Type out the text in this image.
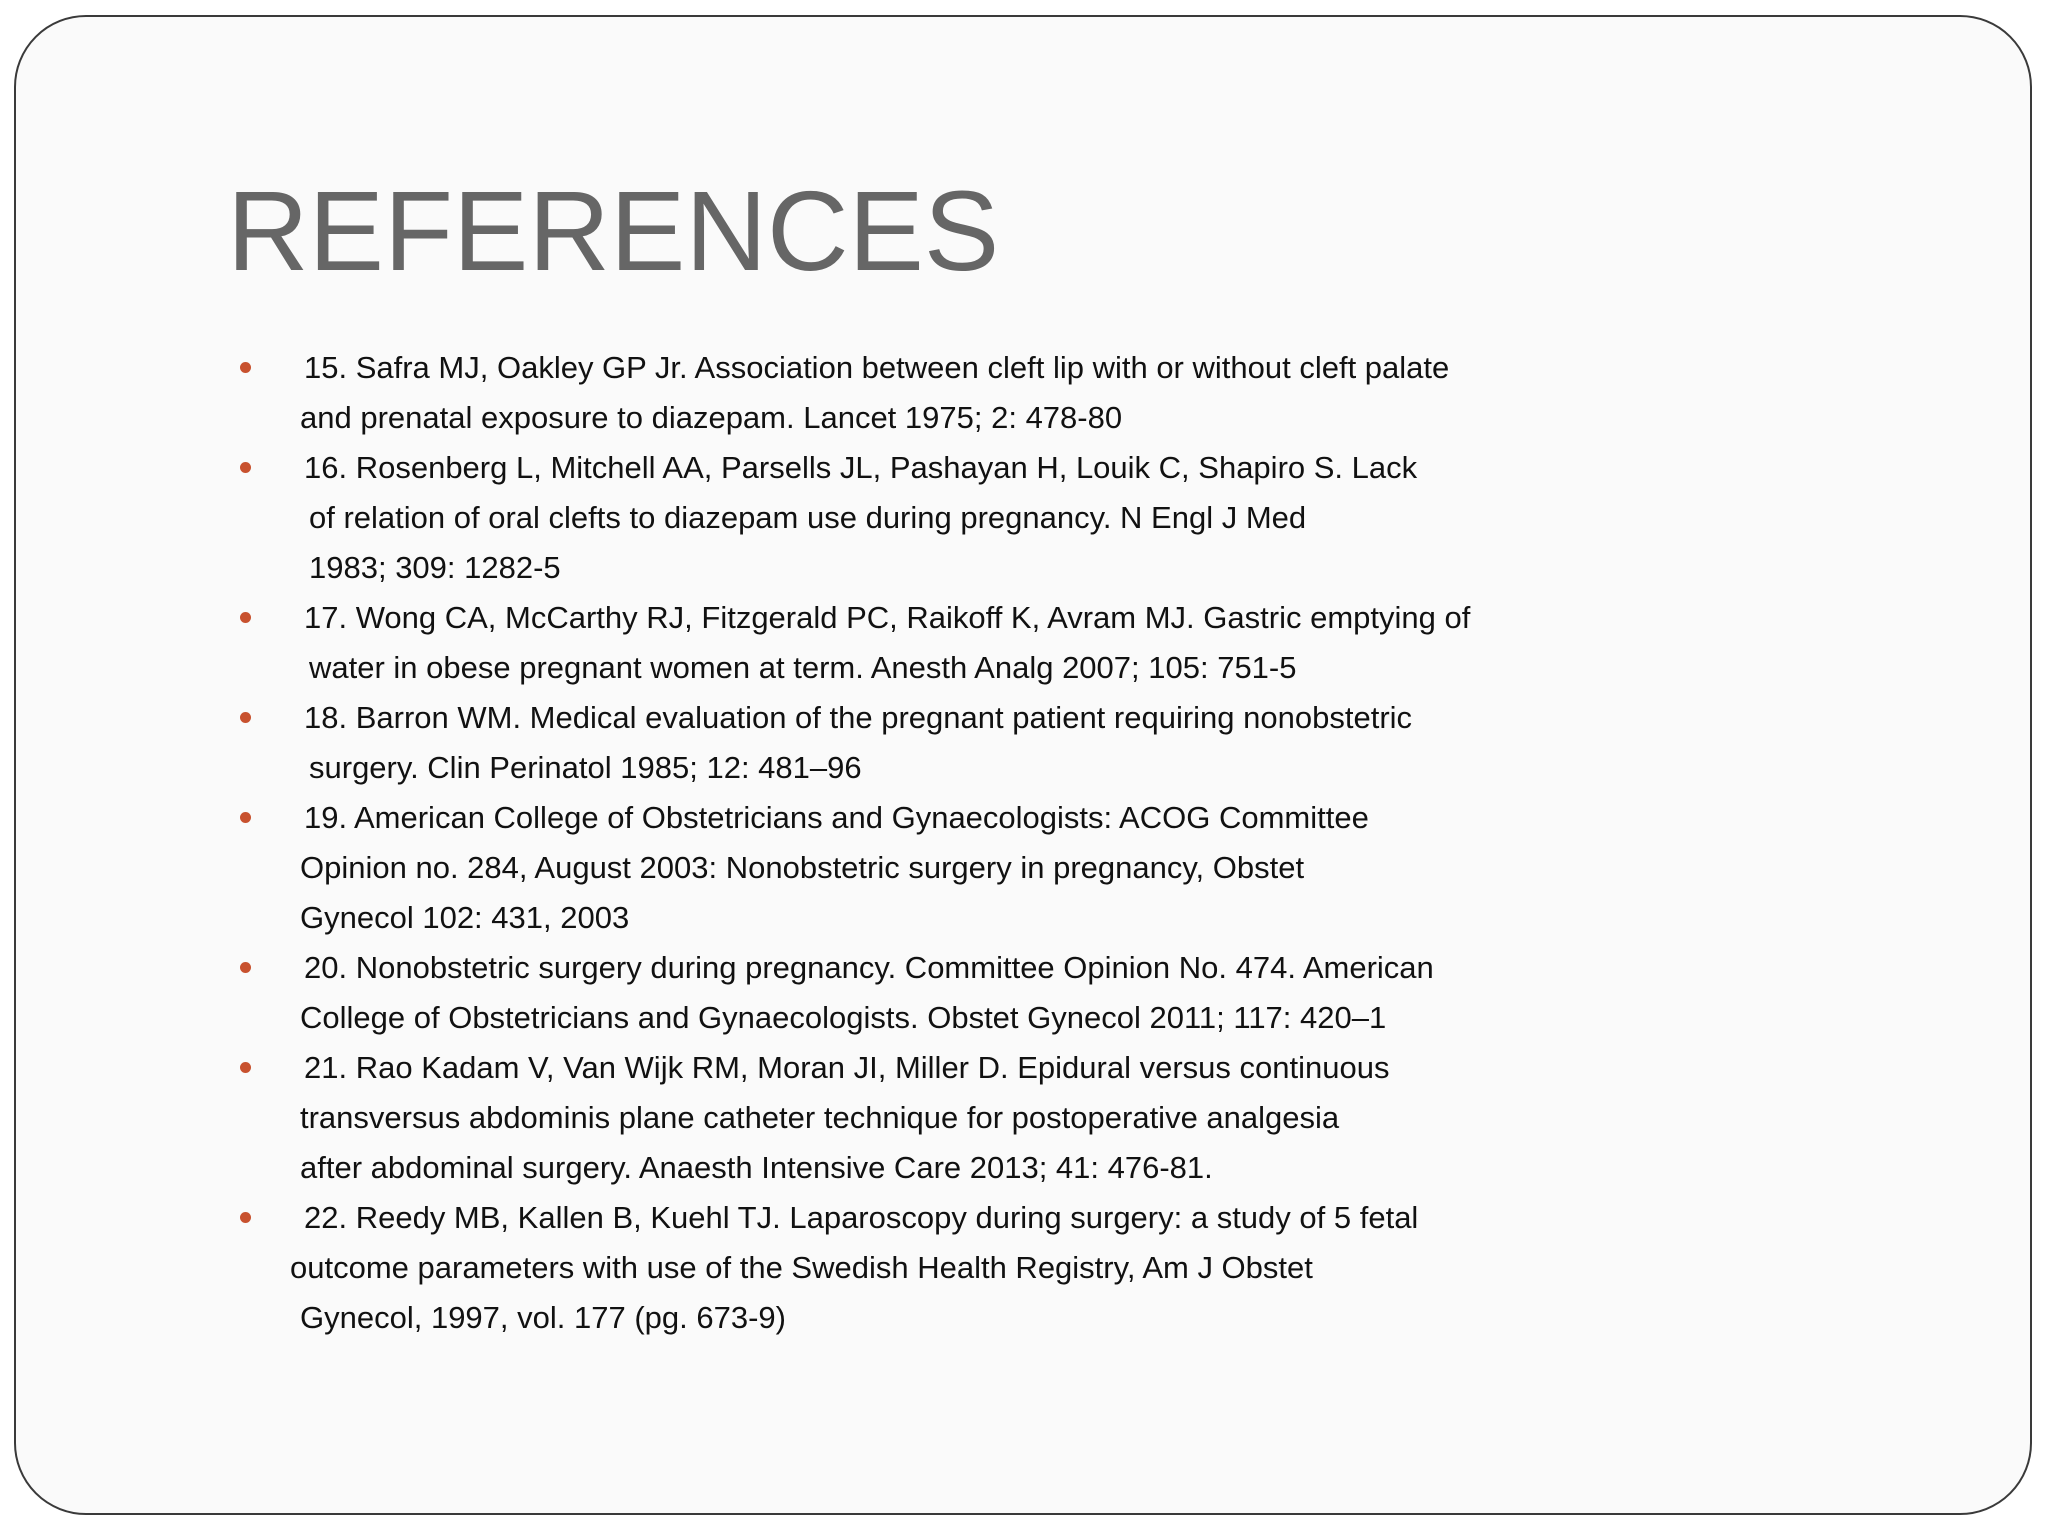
REFERENCES
15. Safra MJ, Oakley GP Jr. Association between cleft lip with or without cleft palate
and prenatal exposure to diazepam. Lancet 1975; 2: 478-80
16. Rosenberg L, Mitchell AA, Parsells JL, Pashayan H, Louik C, Shapiro S. Lack
of relation of oral clefts to diazepam use during pregnancy. N Engl J Med
1983; 309: 1282-5
17. Wong CA, McCarthy RJ, Fitzgerald PC, Raikoff K, Avram MJ. Gastric emptying of
water in obese pregnant women at term. Anesth Analg 2007; 105: 751-5
18. Barron WM. Medical evaluation of the pregnant patient requiring nonobstetric
surgery. Clin Perinatol 1985; 12: 481–96
19. American College of Obstetricians and Gynaecologists: ACOG Committee
Opinion no. 284, August 2003: Nonobstetric surgery in pregnancy, Obstet
Gynecol 102: 431, 2003
20. Nonobstetric surgery during pregnancy. Committee Opinion No. 474. American
College of Obstetricians and Gynaecologists. Obstet Gynecol 2011; 117: 420–1
21. Rao Kadam V, Van Wijk RM, Moran JI, Miller D. Epidural versus continuous
transversus abdominis plane catheter technique for postoperative analgesia
after abdominal surgery. Anaesth Intensive Care 2013; 41: 476-81.
22. Reedy MB, Kallen B, Kuehl TJ. Laparoscopy during surgery: a study of 5 fetal
outcome parameters with use of the Swedish Health Registry, Am J Obstet
Gynecol, 1997, vol. 177 (pg. 673-9)
